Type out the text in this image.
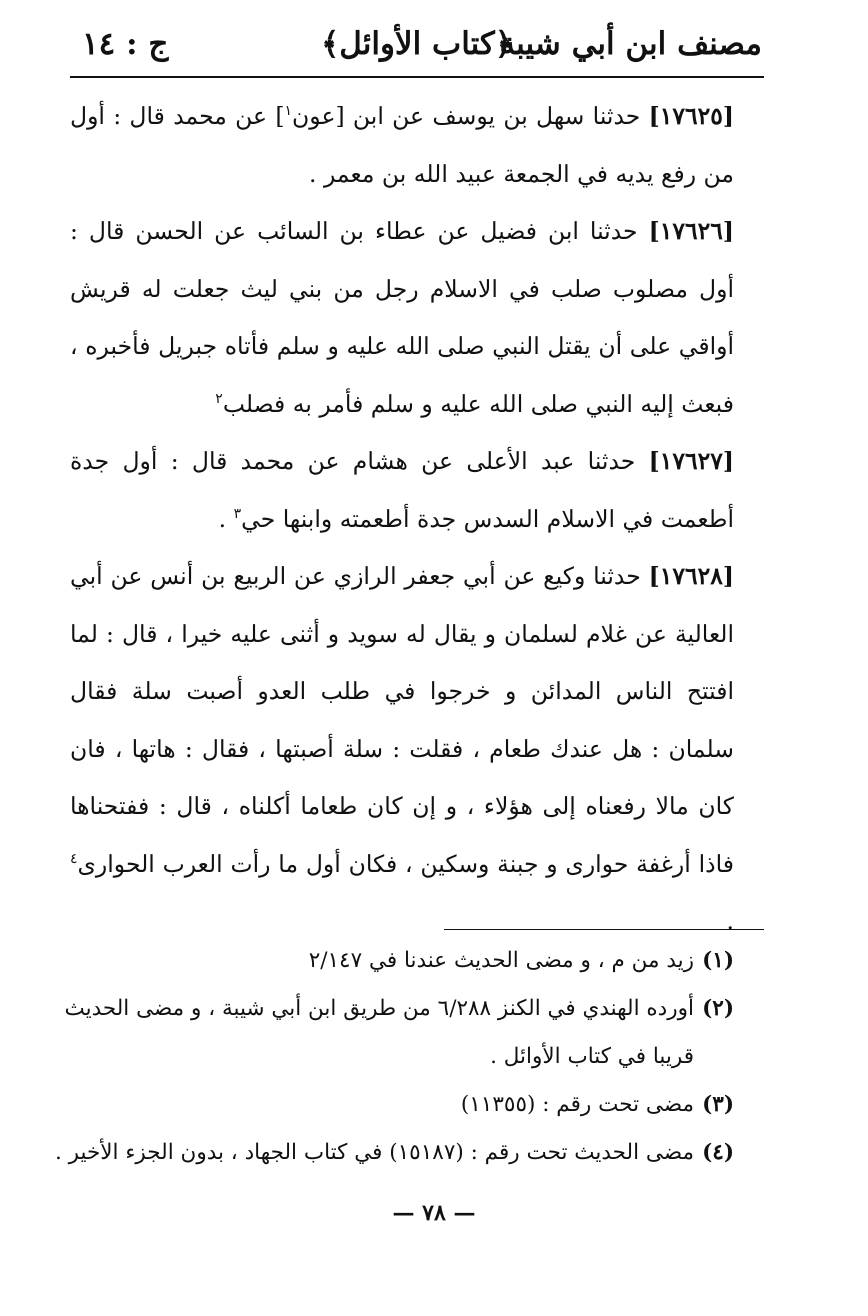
ج : ١٤	﴿كتاب الأوائل﴾
مصنف ابن أبي شيبة

[١٧٦٢٥] حدثنا سهل بن يوسف عن ابن [عون$^١$] عن محمد قال : أول من رفع يديه في الجمعة عبيد الله بن معمر .

[١٧٦٢٦] حدثنا ابن فضيل عن عطاء بن السائب عن الحسن قال : أول مصلوب صلب في الاسلام رجل من بني ليث جعلت له قريش أواقي على أن يقتل النبي صلى الله عليه و سلم فأتاه جبريل فأخبره ، فبعث إليه النبي صلى الله عليه و سلم فأمر به فصلب$^٢$

[١٧٦٢٧] حدثنا عبد الأعلى عن هشام عن محمد قال : أول جدة أطعمت في الاسلام السدس جدة أطعمته وابنها حي$^٣$ .

[١٧٦٢٨] حدثنا وكيع عن أبي جعفر الرازي عن الربيع بن أنس عن أبي العالية عن غلام لسلمان و يقال له سويد و أثنى عليه خيرا ، قال : لما افتتح الناس المدائن و خرجوا في طلب العدو أصبت سلة فقال سلمان : هل عندك طعام ، فقلت : سلة أصبتها ، فقال : هاتها ، فان كان مالا رفعناه إلى هؤلاء ، و إن كان طعاما أكلناه ، قال : ففتحناها فاذا أرغفة حوارى و جبنة وسكين ، فكان أول ما رأت العرب الحوارى$^٤$ .

(١)زيد من م ، و مضى الحديث عندنا في ٢/١٤٧

(٢)أورده الهندي في الكنز ٦/٢٨٨ من طريق ابن أبي شيبة ، و مضى الحديث قريبا في كتاب الأوائل .

(٣)مضى تحت رقم : (١١٣٥٥)

(٤)مضى الحديث تحت رقم : (١٥١٨٧) في كتاب الجهاد ، بدون الجزء الأخير .

— ٧٨ —
